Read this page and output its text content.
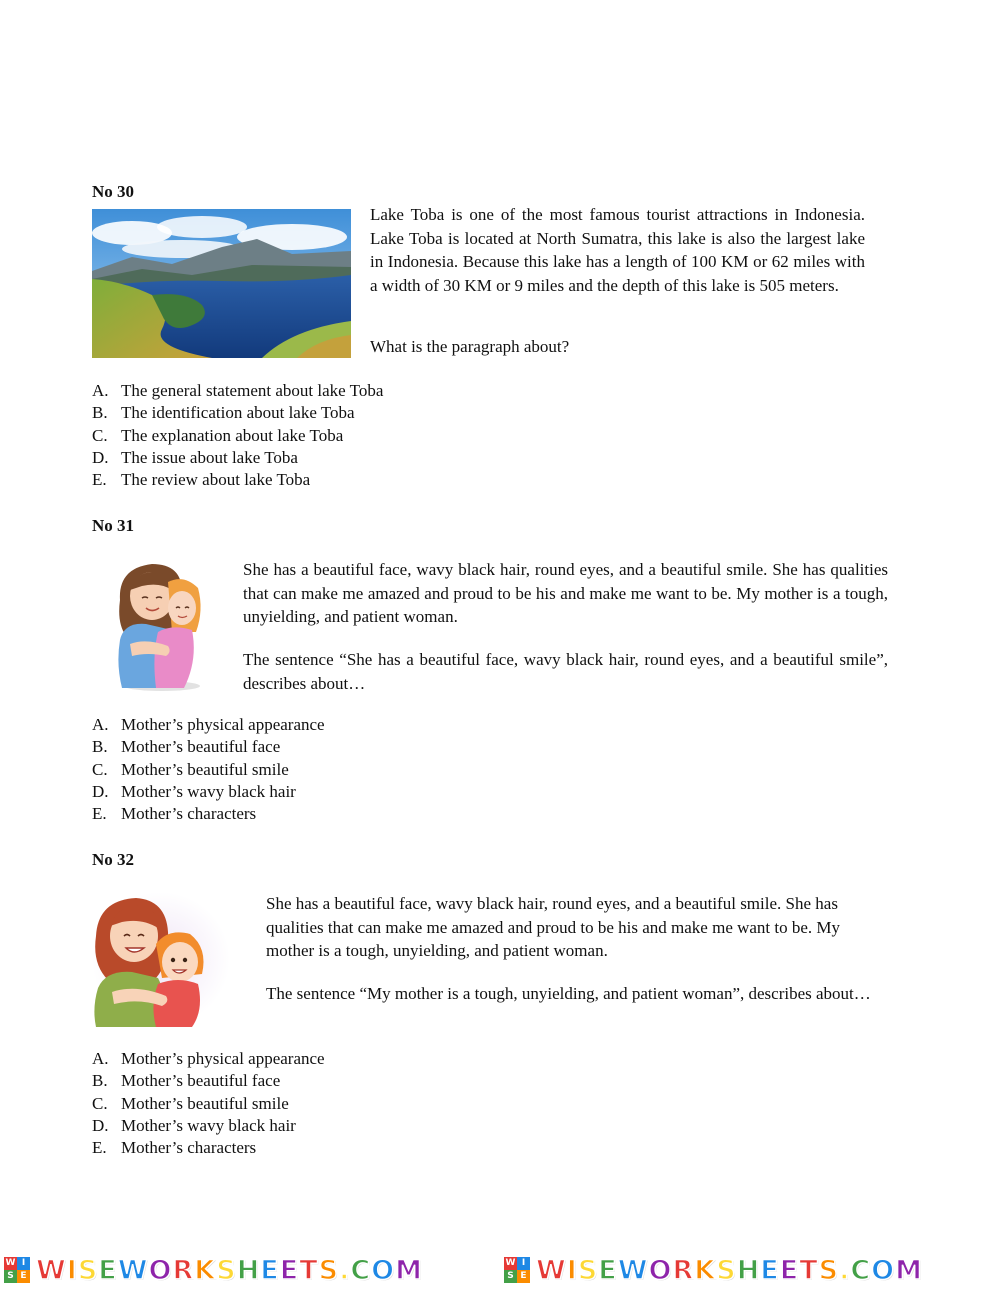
No 30

Lake Toba is one of the most famous tourist attractions in Indonesia. Lake Toba is located at North Sumatra, this lake is also the largest lake in Indonesia. Because this lake has a length of 100 KM or 62 miles with a width of 30 KM or 9 miles and the depth of this lake is 505 meters.

What is the paragraph about?

A. The general statement about lake Toba
B. The identification about lake Toba
C. The explanation about lake Toba
D. The issue about lake Toba
E. The review about lake Toba
No 31

She has a beautiful face, wavy black hair, round eyes, and a beautiful smile. She has qualities that can make me amazed and proud to be his and make me want to be. My mother is a tough, unyielding, and patient woman.

The sentence “She has a beautiful face, wavy black hair, round eyes, and a beautiful smile”, describes about…

A. Mother’s physical appearance
B. Mother’s beautiful face
C. Mother’s beautiful smile
D. Mother’s wavy black hair
E. Mother’s characters
No 32

She has a beautiful face, wavy black hair, round eyes, and a beautiful smile. She has qualities that can make me amazed and proud to be his and make me want to be. My mother is a tough, unyielding, and patient woman.

The sentence “My mother is a tough, unyielding, and patient woman”, describes about…

A. Mother’s physical appearance
B. Mother’s beautiful face
C. Mother’s beautiful smile
D. Mother’s wavy black hair
E. Mother’s characters
W I
S E WISEWORKSHEETS.COM	W I
S E WISEWORKSHEETS.COM
